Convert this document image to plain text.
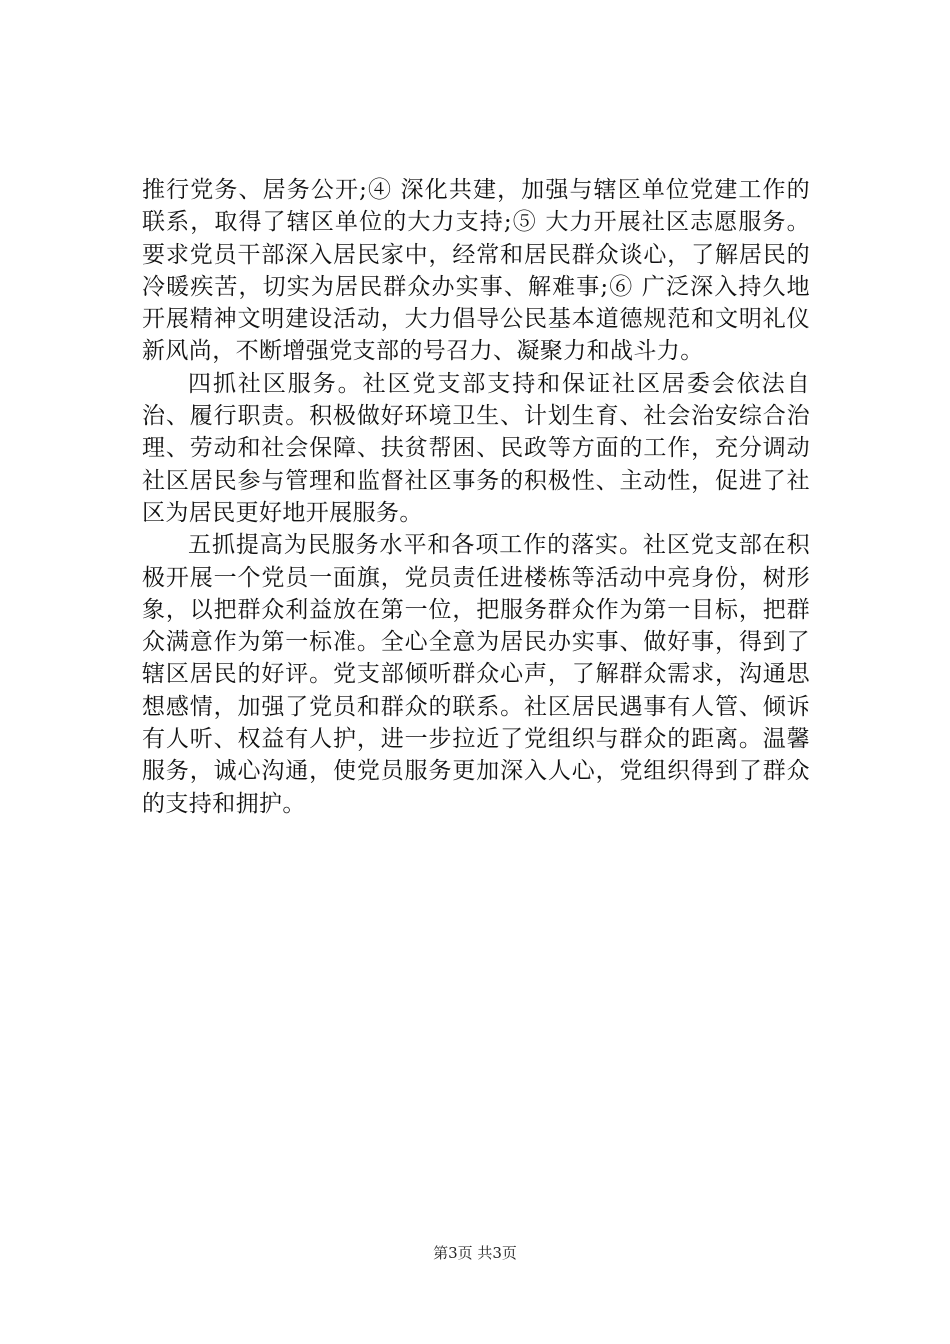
推行党务、居务公开;④ 深化共建，加强与辖区单位党建工作的联系，取得了辖区单位的大力支持;⑤ 大力开展社区志愿服务。要求党员干部深入居民家中，经常和居民群众谈心，了解居民的冷暖疾苦，切实为居民群众办实事、解难事;⑥ 广泛深入持久地开展精神文明建设活动，大力倡导公民基本道德规范和文明礼仪新风尚，不断增强党支部的号召力、凝聚力和战斗力。

四抓社区服务。社区党支部支持和保证社区居委会依法自治、履行职责。积极做好环境卫生、计划生育、社会治安综合治理、劳动和社会保障、扶贫帮困、民政等方面的工作，充分调动社区居民参与管理和监督社区事务的积极性、主动性，促进了社区为居民更好地开展服务。

五抓提高为民服务水平和各项工作的落实。社区党支部在积极开展一个党员一面旗，党员责任进楼栋等活动中亮身份，树形象，以把群众利益放在第一位，把服务群众作为第一目标，把群众满意作为第一标准。全心全意为居民办实事、做好事，得到了辖区居民的好评。党支部倾听群众心声，了解群众需求，沟通思想感情，加强了党员和群众的联系。社区居民遇事有人管、倾诉有人听、权益有人护，进一步拉近了党组织与群众的距离。温馨服务，诚心沟通，使党员服务更加深入人心，党组织得到了群众的支持和拥护。

第3页 共3页
